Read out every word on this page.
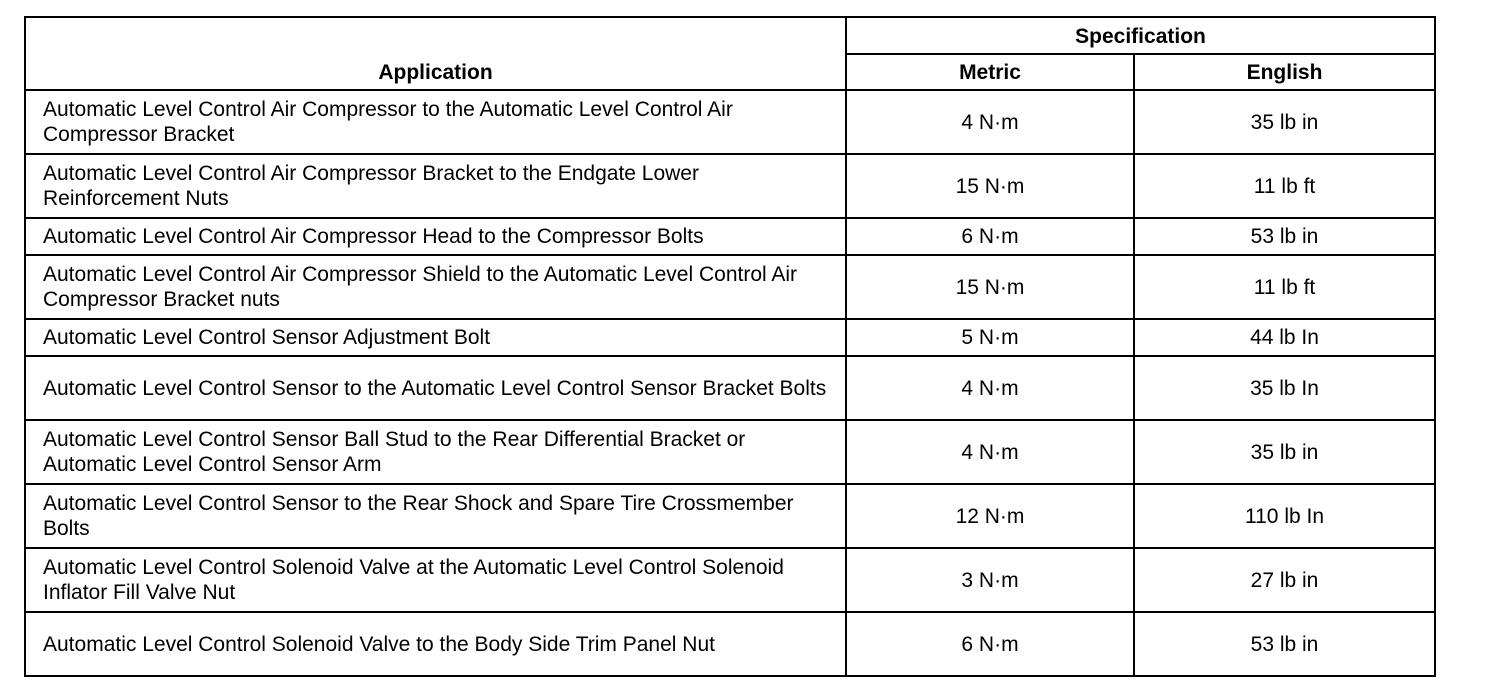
Application	Specification	
	Metric	English
Automatic Level Control Air Compressor to the Automatic Level Control Air Compressor Bracket	4 N·m	35 lb in
Automatic Level Control Air Compressor Bracket to the Endgate Lower Reinforcement Nuts	15 N·m	11 lb ft
Automatic Level Control Air Compressor Head to the Compressor Bolts	6 N·m	53 lb in
Automatic Level Control Air Compressor Shield to the Automatic Level Control Air Compressor Bracket nuts	15 N·m	11 lb ft
Automatic Level Control Sensor Adjustment Bolt	5 N·m	44 lb In
Automatic Level Control Sensor to the Automatic Level Control Sensor Bracket Bolts	4 N·m	35 lb In
Automatic Level Control Sensor Ball Stud to the Rear Differential Bracket or Automatic Level Control Sensor Arm	4 N·m	35 lb in
Automatic Level Control Sensor to the Rear Shock and Spare Tire Crossmember Bolts	12 N·m	110 lb In
Automatic Level Control Solenoid Valve at the Automatic Level Control Solenoid Inflator Fill Valve Nut	3 N·m	27 lb in
Automatic Level Control Solenoid Valve to the Body Side Trim Panel Nut	6 N·m	53 lb in
